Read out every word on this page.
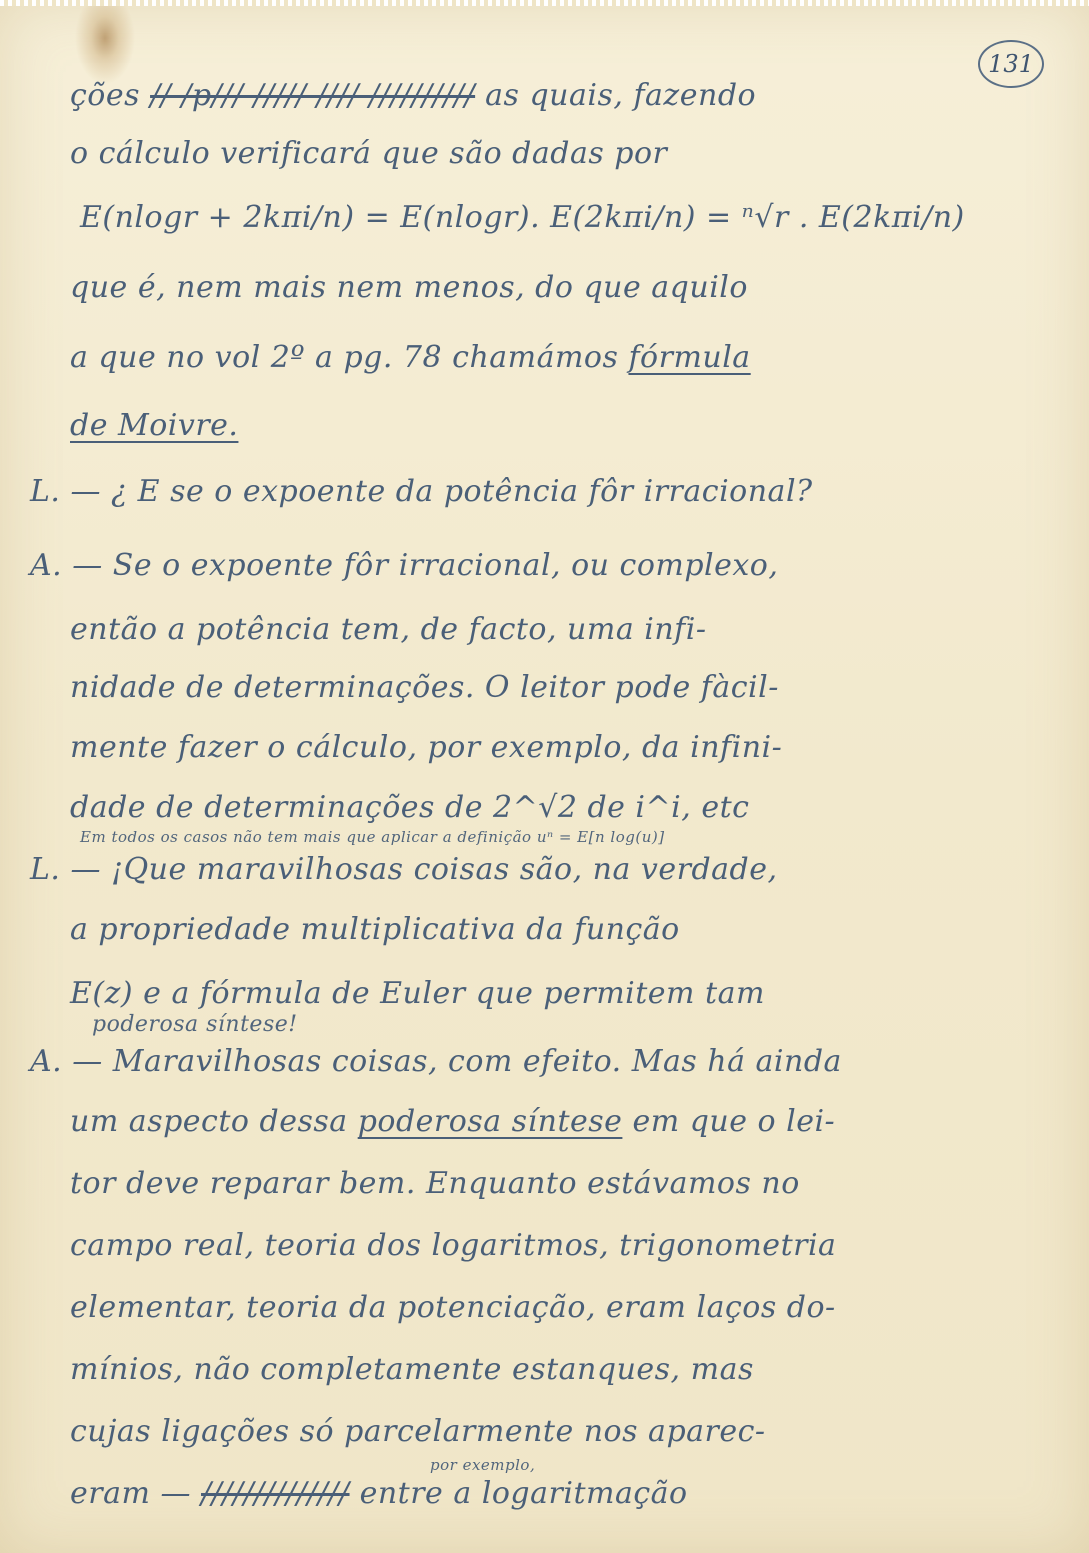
131
ções // /p/// ///// //// ////////// as quais, fazendo
o cálculo verificará que são dadas por
E(nlogr + 2kπi/n) = E(nlogr). E(2kπi/n) = ⁿ√r . E(2kπi/n)
que é, nem mais nem menos, do que aquilo
a que no vol 2º a pg. 78 chamámos fórmula
de Moivre.
L. — ¿ E se o expoente da potência fôr irracional?
A. — Se o expoente fôr irracional, ou complexo,
então a potência tem, de facto, uma infi-
nidade de determinações. O leitor pode fàcil-
mente fazer o cálculo, por exemplo, da infini-
dade de determinações de 2^√2 de i^i, etc
Em todos os casos não tem mais que aplicar a definição uⁿ = E[n log(u)]
L. — ¡Que maravilhosas coisas são, na verdade,
a propriedade multiplicativa da função
E(z) e a fórmula de Euler que permitem tam
poderosa síntese!
A. — Maravilhosas coisas, com efeito. Mas há ainda
um aspecto dessa poderosa síntese em que o lei-
tor deve reparar bem. Enquanto estávamos no
campo real, teoria dos logaritmos, trigonometria
elementar, teoria da potenciação, eram laços do-
mínios, não completamente estanques, mas
cujas ligações só parcelarmente nos aparec-
por exemplo,
eram — ////////////// entre a logaritmação
